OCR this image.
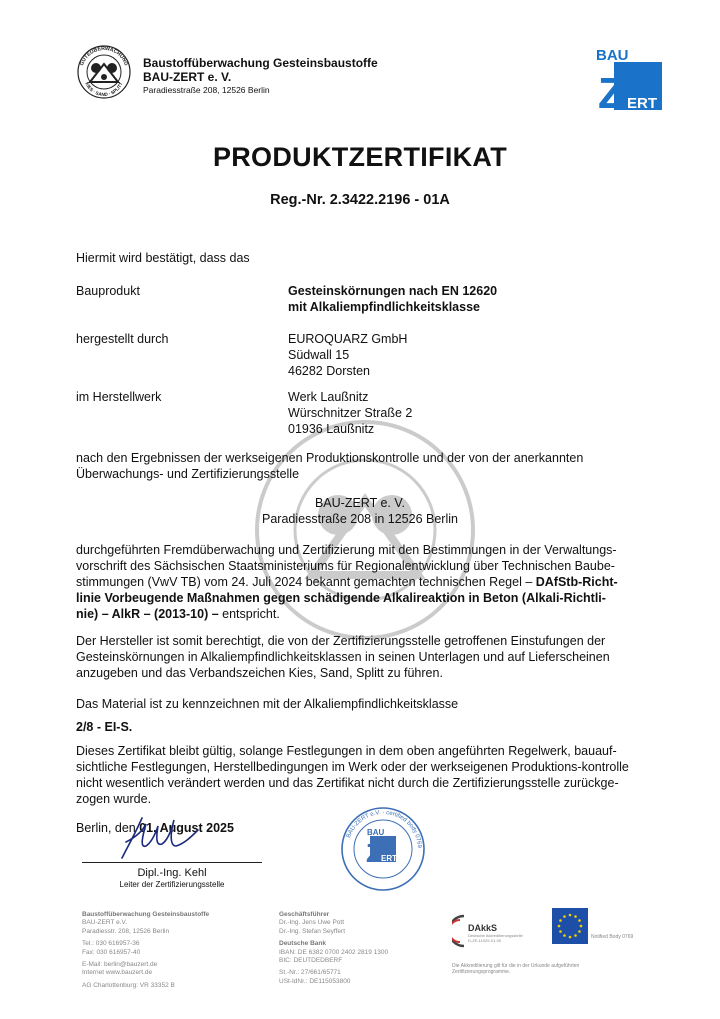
GÜTEÜBERWACHUNG
KIES · SAND · SPLITT
Baustoffüberwachung Gesteinsbaustoffe
BAU-ZERT e. V.
Paradiesstraße 208, 12526 Berlin
BAU
Z ERT
PRODUKTZERTIFIKAT
Reg.-Nr. 2.3422.2196 - 01A
Hiermit wird bestätigt, dass das
Bauprodukt	Gesteinskörnungen nach EN 12620
mit Alkaliempfindlichkeitsklasse
hergestellt durch	EUROQUARZ GmbH
Südwall 15
46282 Dorsten
im Herstellwerk	Werk Laußnitz
Würschnitzer Straße 2
01936 Laußnitz
nach den Ergebnissen der werkseigenen Produktionskontrolle und der von der anerkannten
Überwachungs- und Zertifizierungsstelle
BAU-ZERT e. V.
Paradiesstraße 208 in 12526 Berlin
durchgeführten Fremdüberwachung und Zertifizierung mit den Bestimmungen in der Verwaltungs-
vorschrift des Sächsischen Staatsministeriums für Regionalentwicklung über Technischen Baube-
stimmungen (VwV TB) vom 24. Juli 2024 bekannt gemachten technischen Regel – DAfStb-Richt-
linie Vorbeugende Maßnahmen gegen schädigende Alkalireaktion in Beton (Alkali-Richtli-
nie) – AlkR – (2013-10) – entspricht.
Der Hersteller ist somit berechtigt, die von der Zertifizierungsstelle getroffenen Einstufungen der
Gesteinskörnungen in Alkaliempfindlichkeitsklassen in seinen Unterlagen und auf Lieferscheinen
anzugeben und das Verbandszeichen Kies, Sand, Splitt zu führen.
Das Material ist zu kennzeichnen mit der Alkaliempfindlichkeitsklasse
2/8 - EI-S.
Dieses Zertifikat bleibt gültig, solange Festlegungen in dem oben angeführten Regelwerk, bauauf-
sichtliche Festlegungen, Herstellbedingungen im Werk oder der werkseigenen Produktions-kontrolle
nicht wesentlich verändert werden und das Zertifikat nicht durch die Zertifizierungsstelle zurückge-
zogen wurde.
Berlin, den 01. August 2025
Dipl.-Ing. Kehl
Leiter der Zertifizierungsstelle
BAU
Z ERT
BAU-ZERT e.V. · certified body 0769
Baustoffüberwachung Gesteinsbaustoffe
BAU-ZERT e.V.
Paradiesstr. 208, 12526 Berlin
Tel.: 030 616957-36
Fax: 030 616957-40
E-Mail: berlin@bauzert.de
Internet www.bauzert.de
AG Charlottenburg: VR 33352 B
Geschäftsführer
Dr.-Ing. Jens Uwe Pott
Dr.-Ing. Stefan Seyffert
Deutsche Bank
IBAN: DE 6382 0700 2402 2819 1300
BIC: DEUTDEDBERF
St.-Nr.: 27/661/65771
USt-IdNr.: DE115053800
DAkkS
Deutsche Akkreditierungsstelle D-ZE-11029-01-00
Notified Body 0769
Die Akkreditierung gilt für die in der Urkunde aufgeführten Zertifizierungsprogramme.
